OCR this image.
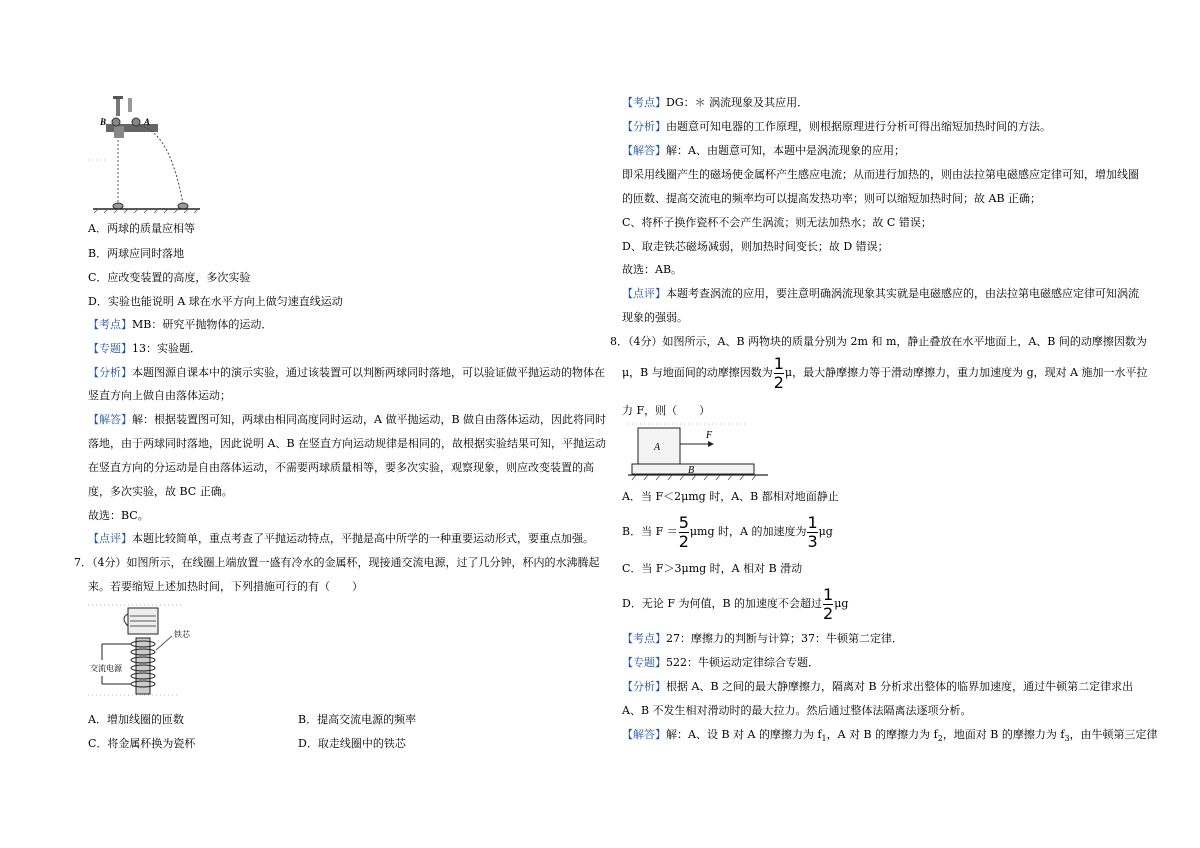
B	A
A．两球的质量应相等
B．两球应同时落地
C．应改变装置的高度，多次实验
D．实验也能说明 A 球在水平方向上做匀速直线运动
【考点】MB：研究平抛物体的运动．
【专题】13：实验题．
【分析】本题图源自课本中的演示实验，通过该装置可以判断两球同时落地，可以验证做平抛运动的物体在
竖直方向上做自由落体运动；
【解答】解：根据装置图可知，两球由相同高度同时运动，A 做平抛运动，B 做自由落体运动，因此将同时
落地，由于两球同时落地，因此说明 A、B 在竖直方向运动规律是相同的，故根据实验结果可知，平抛运动
在竖直方向的分运动是自由落体运动，不需要两球质量相等，要多次实验，观察现象，则应改变装置的高
度，多次实验，故 BC 正确。
故选：BC。
【点评】本题比较简单，重点考查了平抛运动特点，平抛是高中所学的一种重要运动形式，要重点加强。
7．（4分）如图所示，在线圈上端放置一盛有冷水的金属杯，现接通交流电源，过了几分钟，杯内的水沸腾起
来。若要缩短上述加热时间，下列措施可行的有（　　）
交流电源
铁芯
A．增加线圈的匝数	B．提高交流电源的频率
C．将金属杯换为瓷杯	D．取走线圈中的铁芯
【考点】DG：＊ 涡流现象及其应用．
【分析】由题意可知电器的工作原理，则根据原理进行分析可得出缩短加热时间的方法。
【解答】解：A、由题意可知，本题中是涡流现象的应用；
即采用线圈产生的磁场使金属杯产生感应电流；从而进行加热的，则由法拉第电磁感应定律可知，增加线圈
的匝数、提高交流电的频率均可以提高发热功率；则可以缩短加热时间；故 AB 正确；
C、将杯子换作瓷杯不会产生涡流；则无法加热水；故 C 错误；
D、取走铁芯磁场减弱，则加热时间变长；故 D 错误；
故选：AB。
【点评】本题考查涡流的应用，要注意明确涡流现象其实就是电磁感应的，由法拉第电磁感应定律可知涡流
现象的强弱。
8．（4分）如图所示，A、B 两物块的质量分别为 2m 和 m，静止叠放在水平地面上，A、B 间的动摩擦因数为
μ，B 与地面间的动摩擦因数为$\frac{1}{2}\mu$，最大静摩擦力等于滑动摩擦力，重力加速度为 g，现对 A 施加一水平拉
力 F，则（　　）
A
B
F
A．当 F＜2μmg 时，A、B 都相对地面静止
B．当 $F =\frac{5}{2}\mu mg$ 时，A 的加速度为$\frac{1}{3}\mu g$
C．当 F＞3μmg 时，A 相对 B 滑动
D．无论 F 为何值，B 的加速度不会超过$\frac{1}{2}\mu g$
【考点】27：摩擦力的判断与计算；37：牛顿第二定律．
【专题】522：牛顿运动定律综合专题．
【分析】根据 A、B 之间的最大静摩擦力，隔离对 B 分析求出整体的临界加速度，通过牛顿第二定律求出
A、B 不发生相对滑动时的最大拉力。然后通过整体法隔离法逐项分析。
【解答】解：A、设 B 对 A 的摩擦力为 $f_1$，A 对 B 的摩擦力为 $f_2$，地面对 B 的摩擦力为 $f_3$，由牛顿第三定律
